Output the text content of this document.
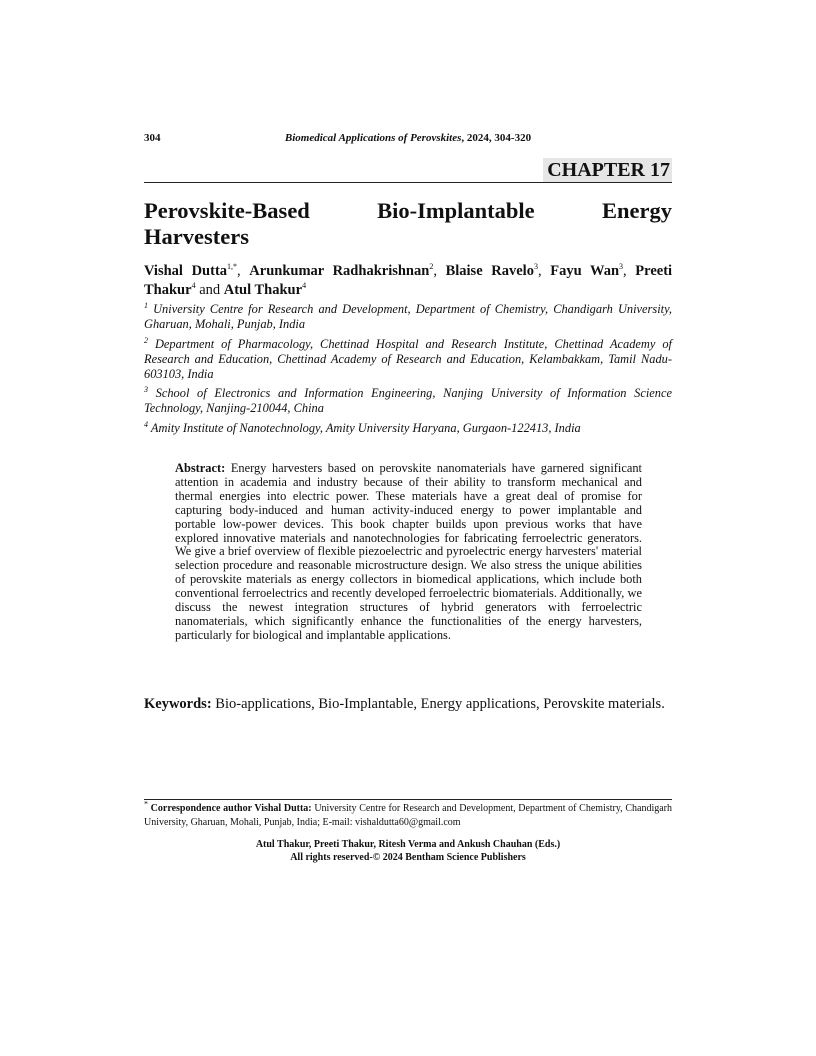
304	Biomedical Applications of Perovskites, 2024, 304-320
CHAPTER 17
Perovskite-Based	Bio-Implantable	Energy
Harvesters
Vishal Dutta$^{1,*}$, Arunkumar Radhakrishnan$^2$, Blaise Ravelo$^3$, Fayu Wan$^3$, Preeti Thakur$^4$ and Atul Thakur$^4$
$^1$ University Centre for Research and Development, Department of Chemistry, Chandigarh University, Gharuan, Mohali, Punjab, India
$^2$ Department of Pharmacology, Chettinad Hospital and Research Institute, Chettinad Academy of Research and Education, Chettinad Academy of Research and Education, Kelambakkam, Tamil Nadu-603103, India
$^3$ School of Electronics and Information Engineering, Nanjing University of Information Science Technology, Nanjing-210044, China
$^4$ Amity Institute of Nanotechnology, Amity University Haryana, Gurgaon-122413, India
Abstract: Energy harvesters based on perovskite nanomaterials have garnered significant attention in academia and industry because of their ability to transform mechanical and thermal energies into electric power. These materials have a great deal of promise for capturing body-induced and human activity-induced energy to power implantable and portable low-power devices. This book chapter builds upon previous works that have explored innovative materials and nanotechnologies for fabricating ferroelectric generators. We give a brief overview of flexible piezoelectric and pyroelectric energy harvesters' material selection procedure and reasonable microstructure design. We also stress the unique abilities of perovskite materials as energy collectors in biomedical applications, which include both conventional ferroelectrics and recently developed ferroelectric biomaterials. Additionally, we discuss the newest integration structures of hybrid generators with ferroelectric nanomaterials, which significantly enhance the functionalities of the energy harvesters, particularly for biological and implantable applications.
Keywords: Bio-applications, Bio-Implantable, Energy applications, Perovskite materials.
* Correspondence author Vishal Dutta: University Centre for Research and Development, Department of Chemistry, Chandigarh University, Gharuan, Mohali, Punjab, India; E-mail: vishaldutta60@gmail.com
Atul Thakur, Preeti Thakur, Ritesh Verma and Ankush Chauhan (Eds.)
All rights reserved-© 2024 Bentham Science Publishers
